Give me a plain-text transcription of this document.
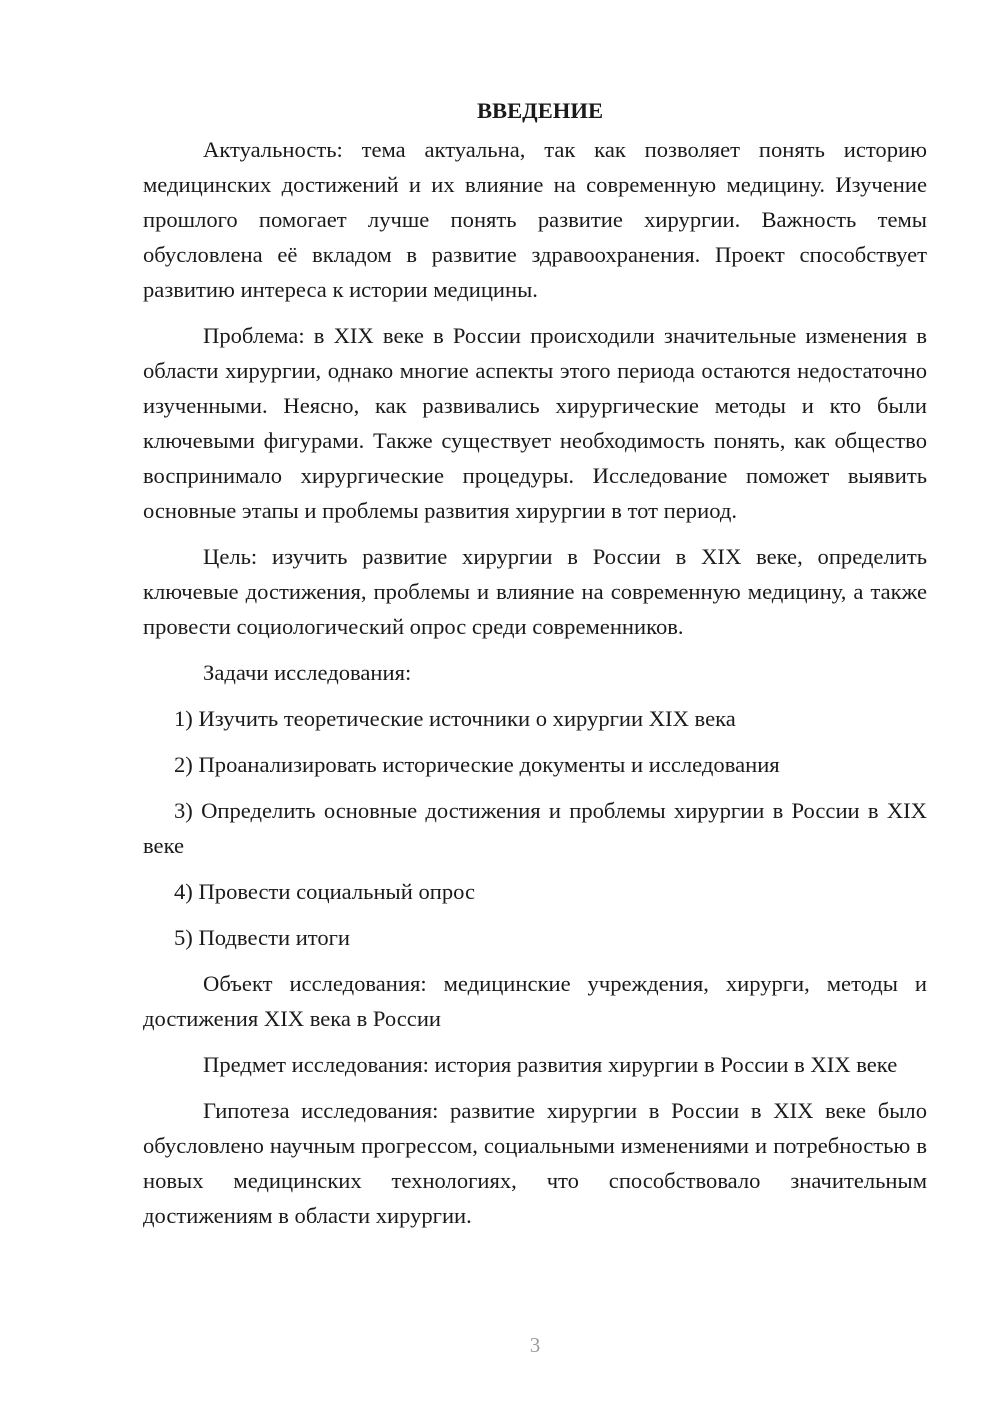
ВВЕДЕНИЕ

Актуальность: тема актуальна, так как позволяет понять историю медицинских достижений и их влияние на современную медицину. Изучение прошлого помогает лучше понять развитие хирургии. Важность темы обусловлена её вкладом в развитие здравоохранения. Проект способствует развитию интереса к истории медицины.

Проблема: в XIX веке в России происходили значительные изменения в области хирургии, однако многие аспекты этого периода остаются недостаточно изученными. Неясно, как развивались хирургические методы и кто были ключевыми фигурами. Также существует необходимость понять, как общество воспринимало хирургические процедуры. Исследование поможет выявить основные этапы и проблемы развития хирургии в тот период.

Цель: изучить развитие хирургии в России в XIX веке, определить ключевые достижения, проблемы и влияние на современную медицину, а также провести социологический опрос среди современников.

Задачи исследования:

1) Изучить теоретические источники о хирургии XIX века

2) Проанализировать исторические документы и исследования

3) Определить основные достижения и проблемы хирургии в России в XIX веке

4) Провести социальный опрос

5) Подвести итоги

Объект исследования: медицинские учреждения, хирурги, методы и достижения XIX века в России

Предмет исследования: история развития хирургии в России в XIX веке

Гипотеза исследования: развитие хирургии в России в XIX веке было обусловлено научным прогрессом, социальными изменениями и потребностью в новых медицинских технологиях, что способствовало значительным достижениям в области хирургии.

3
